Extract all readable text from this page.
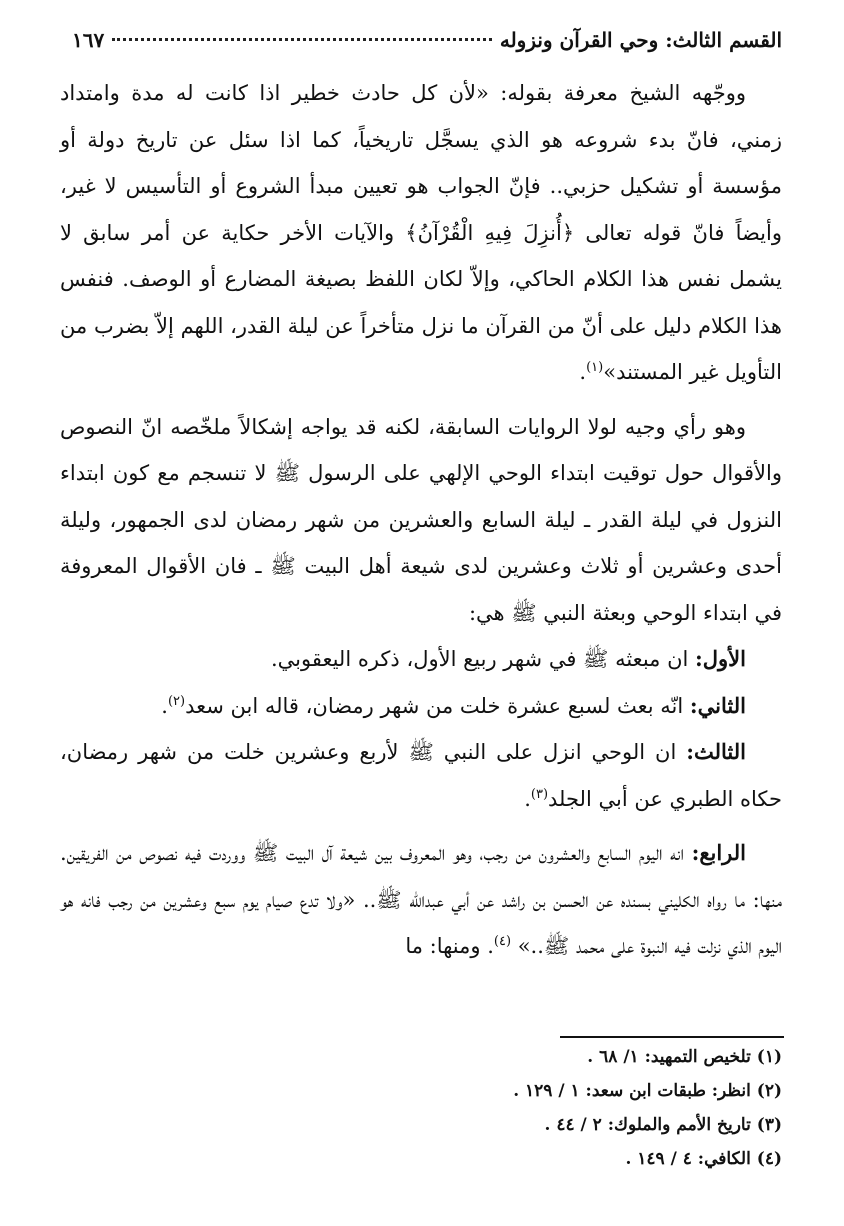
القسم الثالث: وحي القرآن ونزوله
١٦٧

ووجّهه الشيخ معرفة بقوله: «لأن كل حادث خطير اذا كانت له مدة وامتداد زمني، فانّ بدء شروعه هو الذي يسجَّل تاريخياً، كما اذا سئل عن تاريخ دولة أو مؤسسة أو تشكيل حزبي.. فإنّ الجواب هو تعيين مبدأ الشروع أو التأسيس لا غير، وأيضاً فانّ قوله تعالى ﴿أُنزِلَ فِيهِ الْقُرْآنُ﴾ والآيات الأخر حكاية عن أمر سابق لا يشمل نفس هذا الكلام الحاكي، وإلاّ لكان اللفظ بصيغة المضارع أو الوصف. فنفس هذا الكلام دليل على أنّ من القرآن ما نزل متأخراً عن ليلة القدر، اللهم إلاّ بضرب من التأويل غير المستند»$^{(١)}$.

وهو رأي وجيه لولا الروايات السابقة، لكنه قد يواجه إشكالاً ملخّصه انّ النصوص والأقوال حول توقيت ابتداء الوحي الإلهي على الرسول ﷺ لا تنسجم مع كون ابتداء النزول في ليلة القدر ـ ليلة السابع والعشرين من شهر رمضان لدى الجمهور، وليلة أحدى وعشرين أو ثلاث وعشرين لدى شيعة أهل البيت ﷺ ـ فان الأقوال المعروفة في ابتداء الوحي وبعثة النبي ﷺ هي:

الأول: ان مبعثه ﷺ في شهر ربيع الأول، ذكره اليعقوبي.

الثاني: انّه بعث لسبع عشرة خلت من شهر رمضان، قاله ابن سعد$^{(٢)}$.

الثالث: ان الوحي انزل على النبي ﷺ لأربع وعشرين خلت من شهر رمضان، حكاه الطبري عن أبي الجلد$^{(٣)}$.

الرابع: انه اليوم السابع والعشرون من رجب، وهو المعروف بين شيعة آل البيت ﷺ ووردت فيه نصوص من الفريقين. منها: ما رواه الكليني بسنده عن الحسن بن راشد عن أبي عبدالله ﷺ.. «ولا تدع صيام يوم سبع وعشرين من رجب فانه هو اليوم الذي نزلت فيه النبوة على محمد ﷺ..» $^{(٤)}$. ومنها: ما

(١) تلخيص التمهيد: ١/ ٦٨ .
(٢) انظر: طبقات ابن سعد: ١ / ١٢٩ .
(٣) تاريخ الأمم والملوك: ٢ / ٤٤ .
(٤) الكافي: ٤ / ١٤٩ .
